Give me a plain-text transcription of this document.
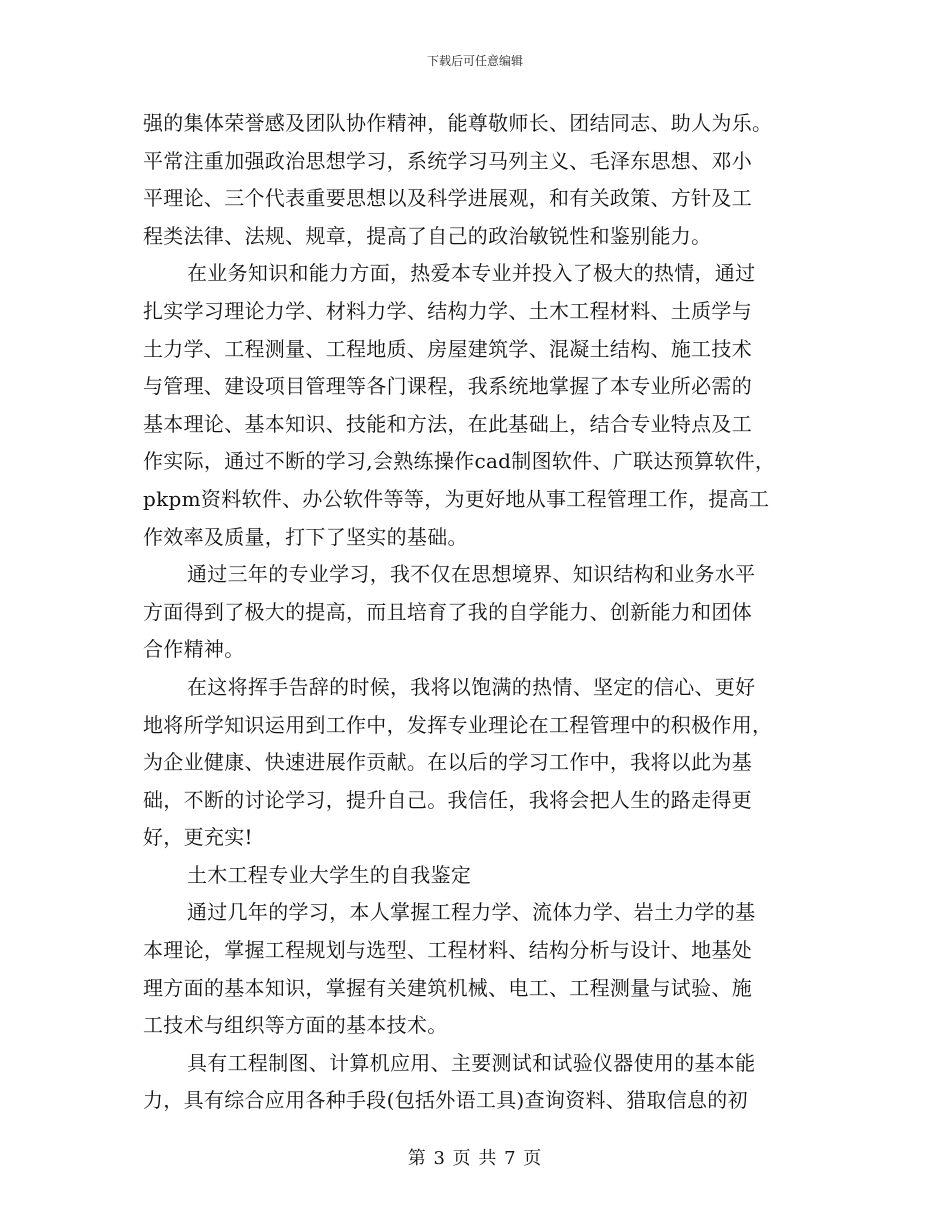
下载后可任意编辑
强的集体荣誉感及团队协作精神，能尊敬师长、团结同志、助人为乐。
平常注重加强政治思想学习，系统学习马列主义、毛泽东思想、邓小
平理论、三个代表重要思想以及科学进展观，和有关政策、方针及工
程类法律、法规、规章，提高了自己的政治敏锐性和鉴别能力。
在业务知识和能力方面，热爱本专业并投入了极大的热情，通过
扎实学习理论力学、材料力学、结构力学、土木工程材料、土质学与
土力学、工程测量、工程地质、房屋建筑学、混凝土结构、施工技术
与管理、建设项目管理等各门课程，我系统地掌握了本专业所必需的
基本理论、基本知识、技能和方法，在此基础上，结合专业特点及工
作实际，通过不断的学习,会熟练操作cad制图软件、广联达预算软件，
pkpm资料软件、办公软件等等，为更好地从事工程管理工作，提高工
作效率及质量，打下了坚实的基础。
通过三年的专业学习，我不仅在思想境界、知识结构和业务水平
方面得到了极大的提高，而且培育了我的自学能力、创新能力和团体
合作精神。
在这将挥手告辞的时候，我将以饱满的热情、坚定的信心、更好
地将所学知识运用到工作中，发挥专业理论在工程管理中的积极作用，
为企业健康、快速进展作贡献。在以后的学习工作中，我将以此为基
础，不断的讨论学习，提升自己。我信任，我将会把人生的路走得更
好，更充实!
土木工程专业大学生的自我鉴定
通过几年的学习，本人掌握工程力学、流体力学、岩土力学的基
本理论，掌握工程规划与选型、工程材料、结构分析与设计、地基处
理方面的基本知识，掌握有关建筑机械、电工、工程测量与试验、施
工技术与组织等方面的基本技术。
具有工程制图、计算机应用、主要测试和试验仪器使用的基本能
力，具有综合应用各种手段(包括外语工具)查询资料、猎取信息的初
第 3 页 共 7 页
